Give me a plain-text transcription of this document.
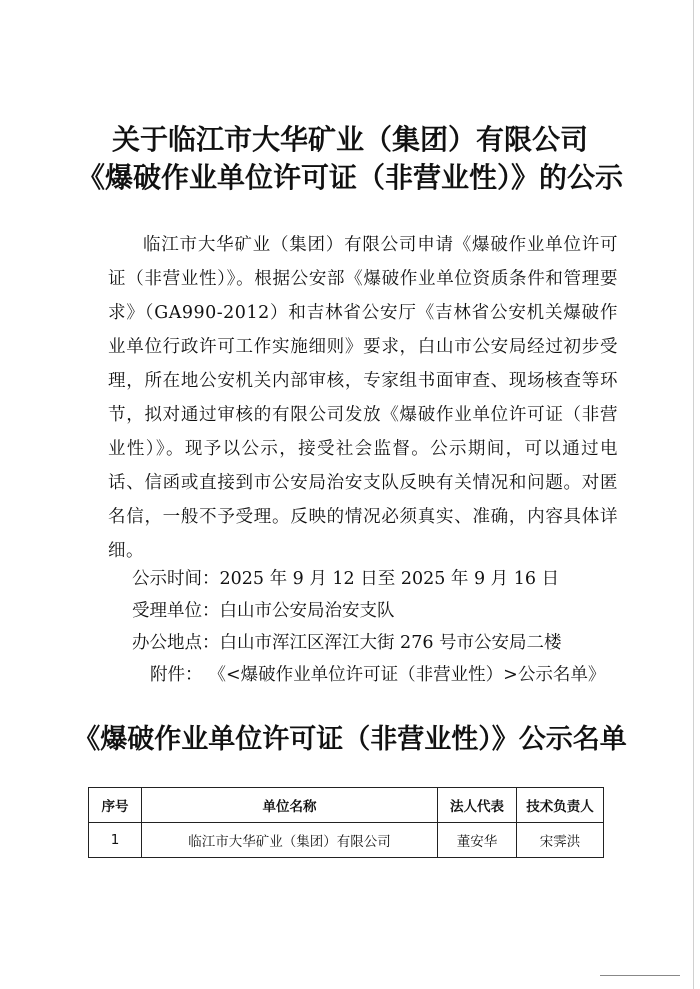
关于临江市大华矿业（集团）有限公司
《爆破作业单位许可证（非营业性）》的公示
临江市大华矿业（集团）有限公司申请《爆破作业单位许可证（非营业性）》。根据公安部《爆破作业单位资质条件和管理要求》（GA990-2012）和吉林省公安厅《吉林省公安机关爆破作业单位行政许可工作实施细则》要求，白山市公安局经过初步受理，所在地公安机关内部审核，专家组书面审查、现场核查等环节，拟对通过审核的有限公司发放《爆破作业单位许可证（非营业性）》。现予以公示，接受社会监督。公示期间，可以通过电话、信函或直接到市公安局治安支队反映有关情况和问题。对匿名信，一般不予受理。反映的情况必须真实、准确，内容具体详细。
公示时间：2025 年 9 月 12 日至 2025 年 9 月 16 日
受理单位：白山市公安局治安支队
办公地点：白山市浑江区浑江大街 276 号市公安局二楼
附件： 《<爆破作业单位许可证（非营业性）>公示名单》
《爆破作业单位许可证（非营业性）》公示名单
序号	单位名称	法人代表	技术负责人
1	临江市大华矿业（集团）有限公司	董安华	宋霁洪
